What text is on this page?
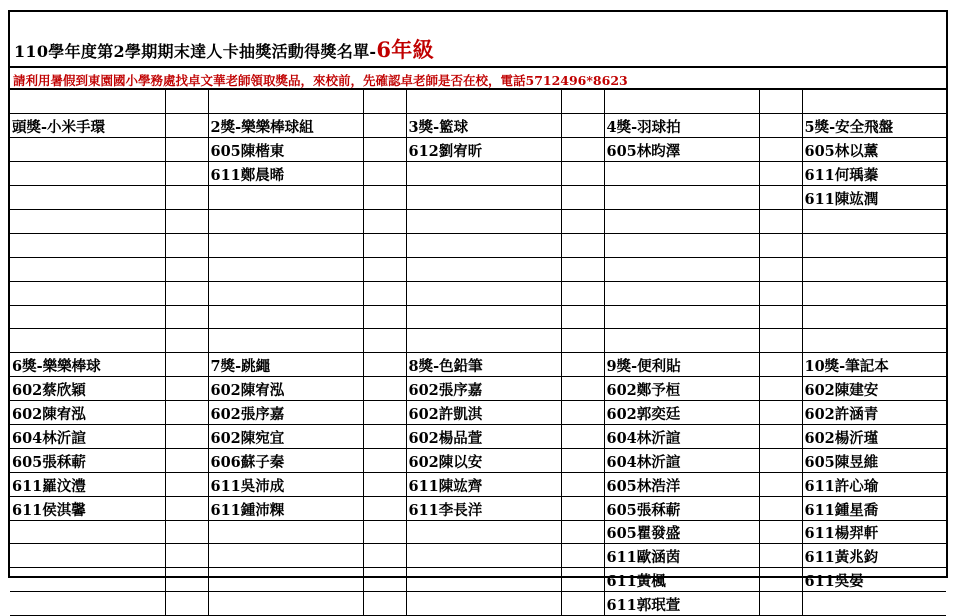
110學年度第2學期期末達人卡抽獎活動得獎名單-6年級
請利用暑假到東園國小學務處找卓文華老師領取獎品，來校前，先確認卓老師是否在校，電話5712496*8623

頭獎-小米手環		2獎-樂樂棒球組		3獎-籃球		4獎-羽球拍		5獎-安全飛盤
		605陳楷東		612劉宥昕		605林昀澤		605林以薰
		611鄭晨晞						611何瑀蓁
								611陳竑潤

6獎-樂樂棒球		7獎-跳繩		8獎-色鉛筆		9獎-便利貼		10獎-筆記本
602蔡欣穎		602陳宥泓		602張序嘉		602鄭予桓		602陳建安
602陳宥泓		602張序嘉		602許凱淇		602郭奕廷		602許涵青
604林沂諠		602陳宛宜		602楊品萱		604林沂諠		602楊沂瑾
605張秝蔪		606蘇子秦		602陳以安		604林沂諠		605陳昱維
611羅汶澧		611吳沛成		611陳竑齊		605林浩洋		611許心瑜
611侯淇馨		611鍾沛粿		611李長洋		605張秝蔪		611鍾星喬
						605瞿發盛		611楊羿軒
						611歐涵茵		611黃兆鈞
						611黃楓		611吳晏
						611郭珉萱		
